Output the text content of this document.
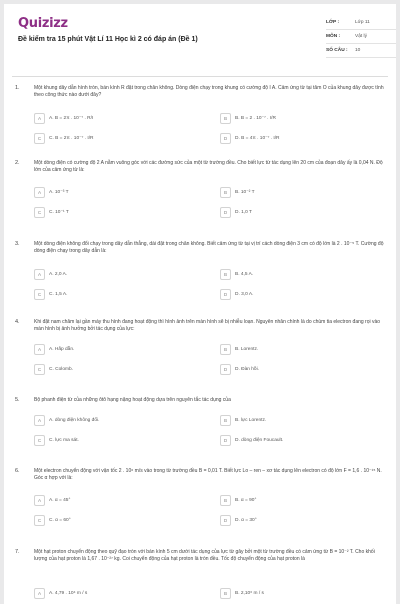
Quizizz
Đề kiểm tra 15 phút Vật Lí 11 Học kì 2 có đáp án (Đề 1)
LỚP :	Lớp 11
MÔN :	Vật lý
SỐ CÂU :	10
1.	Một khung dây dẫn hình tròn, bán kính R đặt trong chân không. Dòng điện chạy trong khung có cường độ I A. Cảm ứng từ tại tâm O của khung dây được tính theo công thức nào dưới đây?
A	A. B = 2π . 10⁻⁷ . R/I	B	B. B = 2 . 10⁻⁷ . I/R
C	C. B = 2π . 10⁻⁷ . I/R	D	D. B = 4π . 10⁻⁷ . I/R
2.	Một dòng điện có cường độ 2 A nằm vuông góc với các đường sức của một từ trường đều. Cho biết lực từ tác dụng lên 20 cm của đoạn dây ấy là 0,04 N. Độ lớn của cảm ứng từ là:
A	A. 10⁻³ T	B	B. 10⁻² T
C	C. 10⁻¹ T	D	D. 1,0 T
3.	Một dòng điện không đổi chạy trong dây dẫn thẳng, dài đặt trong chân không. Biết cảm ứng từ tại vị trí cách dòng điện 3 cm có độ lớn là 2 . 10⁻⁵ T. Cường độ dòng điện chạy trong dây dẫn là:
A	A. 2,0 A.	B	B. 4,5 A.
C	C. 1,5 A.	D	D. 3,0 A.
4.	Khi đặt nam châm lại gần máy thu hình đang hoạt động thì hình ảnh trên màn hình sẽ bị nhiễu loạn. Nguyên nhân chính là do chùm tia electron đang rọi vào màn hình bị ảnh hưởng bởi tác dụng của lực:
A	A. Hấp dẫn.	B	B. Lorentz.
C	C. Colomb.	D	D. Đàn hồi.
5.	Bộ phanh điện từ của những ôtô hạng nặng hoạt động dựa trên nguyên tắc tác dụng của
A	A. dòng điện không đổi.	B	B. lực Lorentz.
C	C. lực ma sát.	D	D. dòng điện Foucault.
6.	Một electron chuyển động với vận tốc 2 . 10⁶ m/s vào trong từ trường đều B = 0,01 T. Biết lực Lo – ren – xơ tác dụng lên electron có độ lớn F = 1,6 . 10⁻¹⁵ N. Góc α hợp với là:
A	A. α = 45°	B	B. α = 90°
C	C. α = 60°	D	D. α = 30°
7.	Một hạt proton chuyển động theo quỹ đạo tròn với bán kính 5 cm dưới tác dụng của lực từ gây bởi một từ trường đều có cảm ứng từ B = 10⁻² T. Cho khối lượng của hạt proton là 1,67 . 10⁻²⁷ kg. Coi chuyển động của hạt proton là tròn đều. Tốc độ chuyển động của hạt proton là
A	A. 4,79 . 10⁴ m / s	B	B. 2,10⁶ m / s
